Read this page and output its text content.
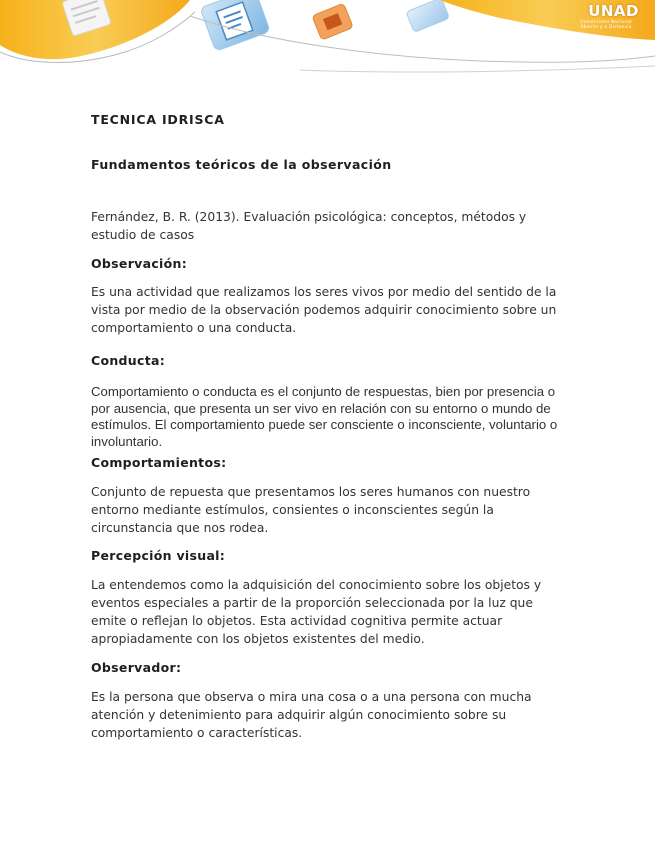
UNAD
Universidad Nacional Abierta y a Distancia
TECNICA IDRISCA
Fundamentos teóricos de la observación
Fernández, B. R. (2013). Evaluación psicológica: conceptos, métodos y estudio de casos
Observación:
Es una actividad que realizamos los seres vivos por medio del sentido de la vista por medio de la observación podemos adquirir conocimiento sobre un comportamiento o una conducta.
Conducta:
Comportamiento o conducta es el conjunto de respuestas, bien por presencia o por ausencia, que presenta un ser vivo en relación con su entorno o mundo de estímulos. El comportamiento puede ser consciente o inconsciente, voluntario o involuntario.
Comportamientos:
Conjunto de repuesta que presentamos los seres humanos con nuestro entorno mediante estímulos, consientes o inconscientes según la circunstancia que nos rodea.
Percepción visual:
La entendemos como la adquisición del conocimiento sobre los objetos y eventos especiales a partir de la proporción seleccionada por la luz que emite o reflejan lo objetos. Esta actividad cognitiva permite actuar apropiadamente con los objetos existentes del medio.
Observador:
Es la persona que observa o mira una cosa o a una persona con mucha atención y detenimiento para adquirir algún conocimiento sobre su comportamiento o características.
